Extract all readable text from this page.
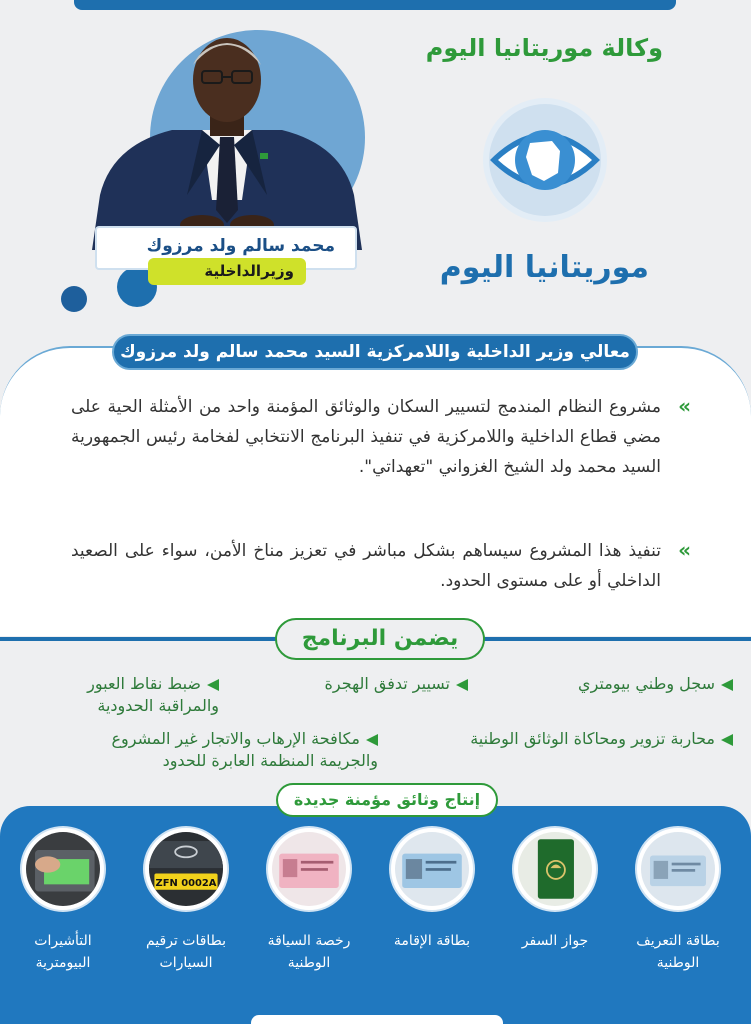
محمد سالم ولد مرزوك
وزيرالداخلية
وكالة موريتانيا اليوم
موريتانيا اليوم
معالي وزير الداخلية واللامركزية السيد محمد سالم ولد مرزوك
»
مشروع النظام المندمج لتسيير السكان والوثائق المؤمنة واحد من الأمثلة الحية على مضي قطاع الداخلية واللامركزية في تنفيذ البرنامج الانتخابي لفخامة رئيس الجمهورية السيد محمد ولد الشيخ الغزواني "تعهداتي".
»
تنفيذ هذا المشروع سيساهم بشكل مباشر في تعزيز مناخ الأمن، سواء على الصعيد الداخلي أو على مستوى الحدود.
يضمن البرنامج
سجل وطني بيومتري
تسيير تدفق الهجرة
ضبط نقاط العبور والمراقبة الحدودية
محاربة تزوير ومحاكاة الوثائق الوطنية
مكافحة الإرهاب والاتجار غير المشروع والجريمة المنظمة العابرة للحدود
إنتاج وثائق مؤمنة جديدة
بطاقة التعريف الوطنية
جواز السفر
بطاقة الإقامة
رخصة السياقة الوطنية
ZFN 0002A
بطاقات ترقيم السيارات
التأشيرات البيومترية
